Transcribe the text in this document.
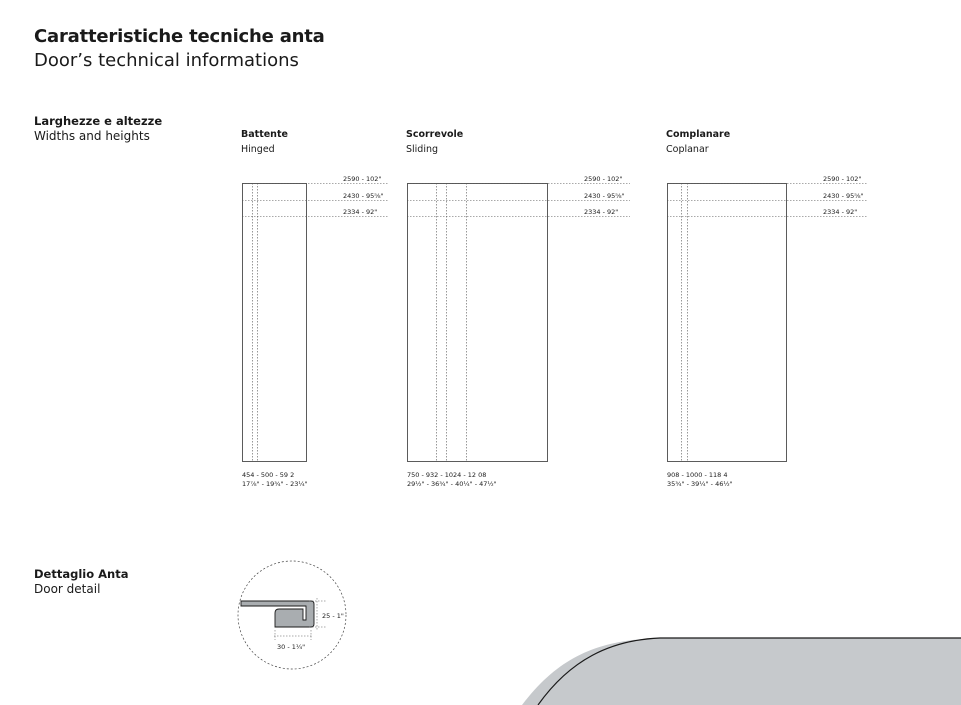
Caratteristiche tecniche anta
Door’s technical informations
Larghezze e altezze
Widths and heights	Battente
Hinged
Scorrevole
Sliding
Complanare
Coplanar
2590 - 102"
2430 - 95⅝"
2334 - 92"
2590 - 102"
2430 - 95⅝"
2334 - 92"
2590 - 102"
2430 - 95⅝"
2334 - 92"
454 - 500 - 59 2
17⅞" - 19¾" - 23¼"
750 - 932 - 1024 - 12 08
29½" - 36¾" - 40¼" - 47½"
908 - 1000 - 118 4
35¾" - 39¼" - 46½"
Dettaglio Anta
Door detail
25 - 1"
30 - 1¼"
